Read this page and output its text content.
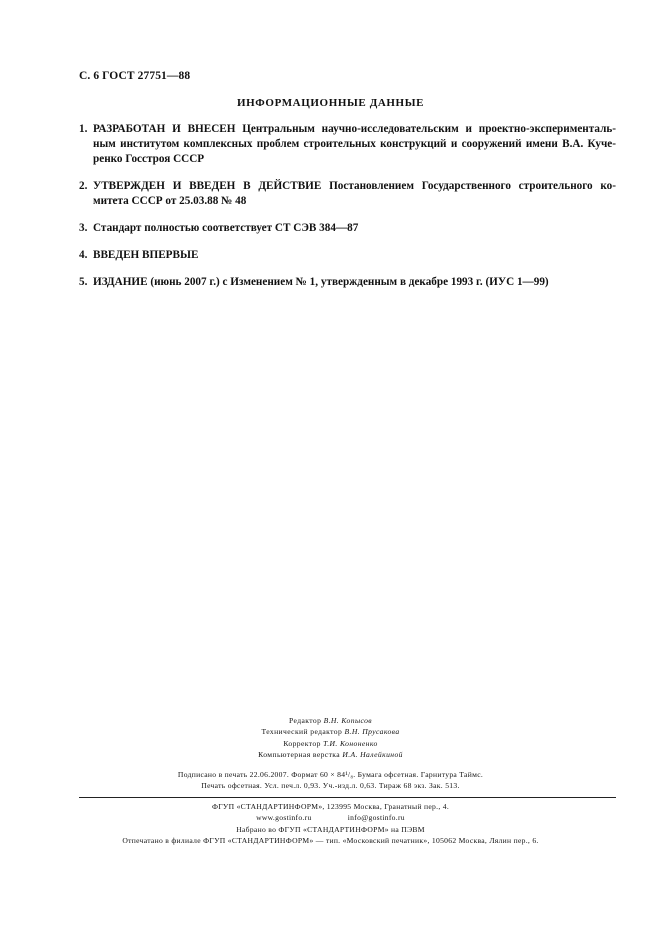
С. 6 ГОСТ 27751—88
ИНФОРМАЦИОННЫЕ ДАННЫЕ
1. РАЗРАБОТАН И ВНЕСЕН Центральным научно-исследовательским и проектно-эксперименталь-
ным институтом комплексных проблем строительных конструкций и сооружений имени В.А. Куче-
ренко Госстроя СССР
2. УТВЕРЖДЕН И ВВЕДЕН В ДЕЙСТВИЕ Постановлением Государственного строительного ко-
митета СССР от 25.03.88 № 48
3. Стандарт полностью соответствует СТ СЭВ 384—87
4. ВВЕДЕН ВПЕРВЫЕ
5. ИЗДАНИЕ (июнь 2007 г.) с Изменением № 1, утвержденным в декабре 1993 г. (ИУС 1—99)
Редактор В.Н. Копысов
Технический редактор В.Н. Прусакова
Корректор Т.И. Кононенко
Компьютерная верстка И.А. Налейкиной
Подписано в печать 22.06.2007. Формат 60 × 84¹/₈. Бумага офсетная. Гарнитура Таймс.
Печать офсетная. Усл. печ.л. 0,93. Уч.-изд.л. 0,63. Тираж 68 экз. Зак. 513.
ФГУП «СТАНДАРТИНФОРМ», 123995 Москва, Гранатный пер., 4.
www.gostinfo.ru	info@gostinfo.ru
Набрано во ФГУП «СТАНДАРТИНФОРМ» на ПЭВМ
Отпечатано в филиале ФГУП «СТАНДАРТИНФОРМ» — тип. «Московский печатник», 105062 Москва, Лялин пер., 6.
